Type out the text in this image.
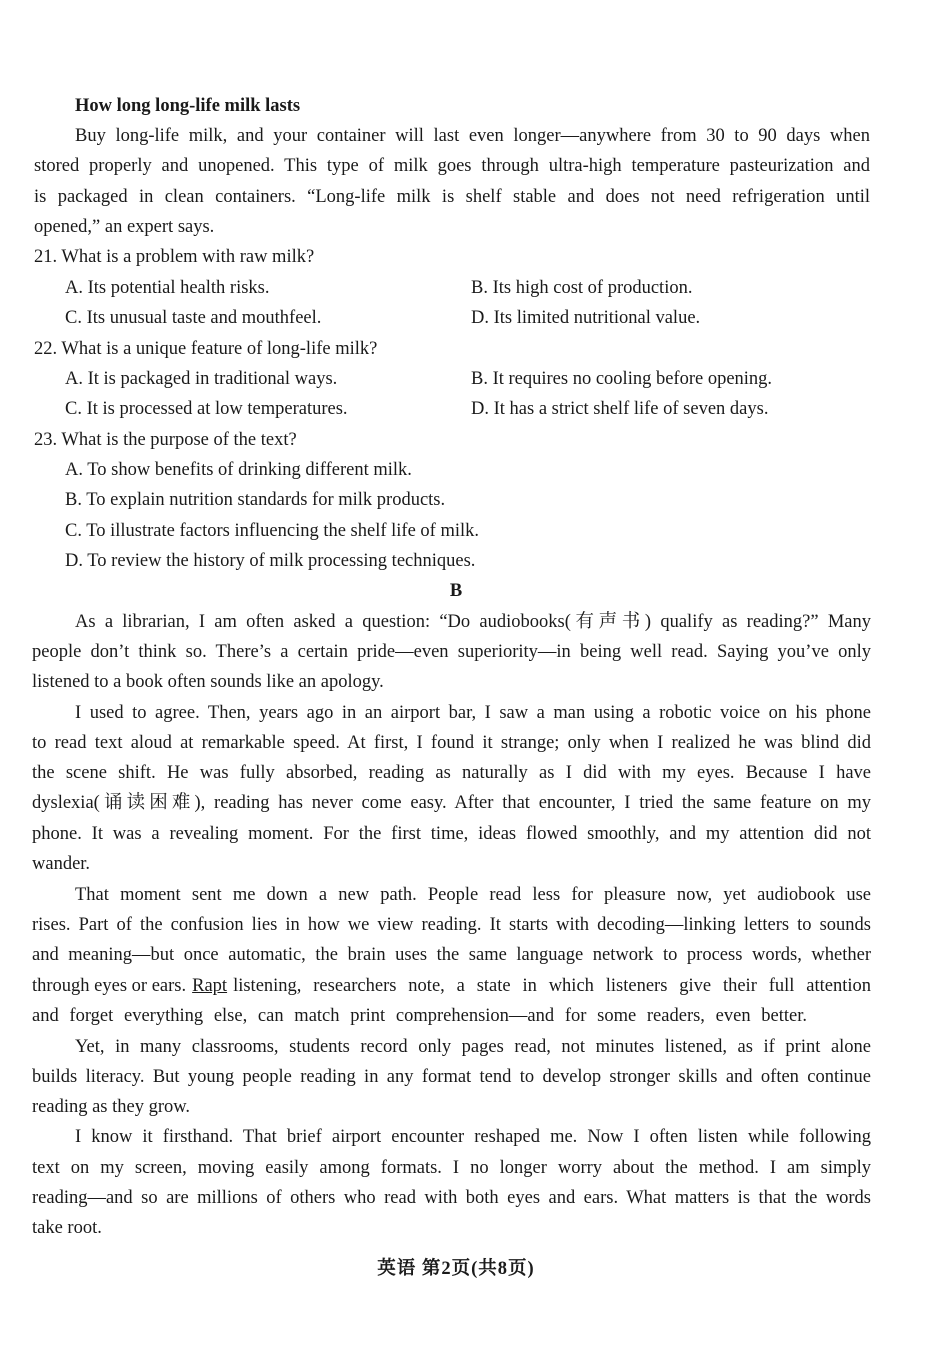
How long long-life milk lasts
Buy long-life milk, and your container will last even longer—anywhere from 30 to 90 days when
stored properly and unopened. This type of milk goes through ultra-high temperature pasteurization and
is packaged in clean containers. “Long-life milk is shelf stable and does not need refrigeration until
opened,” an expert says.
21. What is a problem with raw milk?
A. Its potential health risks.	B. Its high cost of production.
C. Its unusual taste and mouthfeel.	D. Its limited nutritional value.
22. What is a unique feature of long-life milk?
A. It is packaged in traditional ways.	B. It requires no cooling before opening.
C. It is processed at low temperatures.	D. It has a strict shelf life of seven days.
23. What is the purpose of the text?
A. To show benefits of drinking different milk.
B. To explain nutrition standards for milk products.
C. To illustrate factors influencing the shelf life of milk.
D. To review the history of milk processing techniques.
B
As a librarian, I am often asked a question: “Do audiobooks(有声书) qualify as reading?” Many
people don’t think so. There’s a certain pride—even superiority—in being well read. Saying you’ve only
listened to a book often sounds like an apology.
I used to agree. Then, years ago in an airport bar, I saw a man using a robotic voice on his phone
to read text aloud at remarkable speed. At first, I found it strange; only when I realized he was blind did
the scene shift. He was fully absorbed, reading as naturally as I did with my eyes. Because I have
dyslexia(诵读困难), reading has never come easy. After that encounter, I tried the same feature on my
phone. It was a revealing moment. For the first time, ideas flowed smoothly, and my attention did not
wander.
That moment sent me down a new path. People read less for pleasure now, yet audiobook use
rises. Part of the confusion lies in how we view reading. It starts with decoding—linking letters to sounds
and meaning—but once automatic, the brain uses the same language network to process words, whether
through eyes or ears. Rapt listening, researchers note, a state in which listeners give their full attention
and forget everything else, can match print comprehension—and for some readers, even better.
Yet, in many classrooms, students record only pages read, not minutes listened, as if print alone
builds literacy. But young people reading in any format tend to develop stronger skills and often continue
reading as they grow.
I know it firsthand. That brief airport encounter reshaped me. Now I often listen while following
text on my screen, moving easily among formats. I no longer worry about the method. I am simply
reading—and so are millions of others who read with both eyes and ears. What matters is that the words
take root.
英语 第2页(共8页)
